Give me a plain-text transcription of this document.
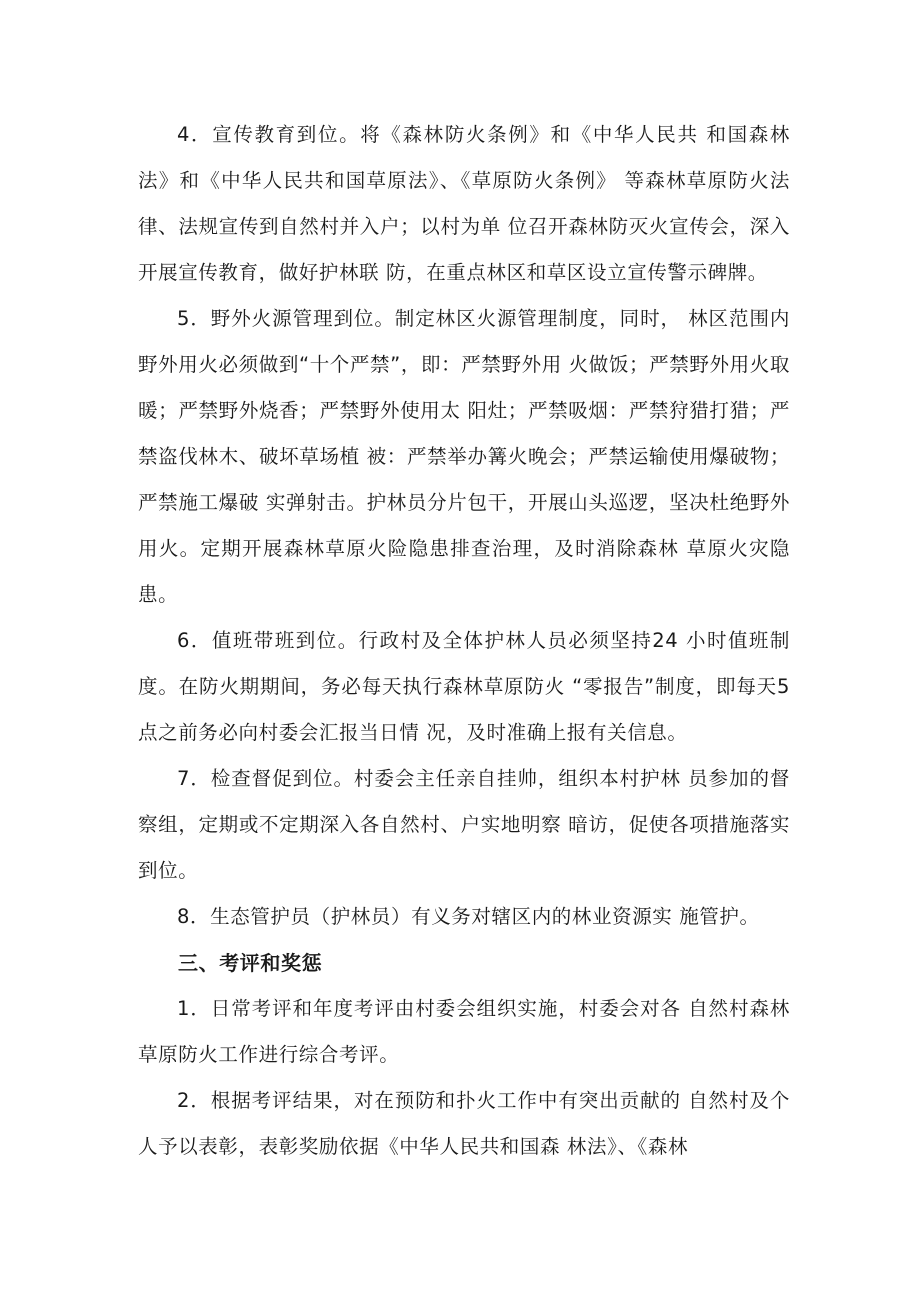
4．宣传教育到位。将《森林防火条例》和《中华人民共 和国森林法》和《中华人民共和国草原法》、《草原防火条例》 等森林草原防火法律、法规宣传到自然村并入户；以村为单 位召开森林防灭火宣传会，深入开展宣传教育，做好护林联 防，在重点林区和草区设立宣传警示碑牌。

5．野外火源管理到位。制定林区火源管理制度，同时， 林区范围内野外用火必须做到“十个严禁”，即：严禁野外用 火做饭；严禁野外用火取暖；严禁野外烧香；严禁野外使用太 阳灶；严禁吸烟：严禁狩猎打猎；严禁盗伐林木、破坏草场植 被：严禁举办篝火晚会；严禁运输使用爆破物；严禁施工爆破 实弹射击。护林员分片包干，开展山头巡逻，坚决杜绝野外 用火。定期开展森林草原火险隐患排查治理，及时消除森林 草原火灾隐患。

6．值班带班到位。行政村及全体护林人员必须坚持24 小时值班制度。在防火期期间，务必每天执行森林草原防火 “零报告”制度，即每天5点之前务必向村委会汇报当日情 况，及时准确上报有关信息。

7．检查督促到位。村委会主任亲自挂帅，组织本村护林 员参加的督察组，定期或不定期深入各自然村、户实地明察 暗访，促使各项措施落实到位。

8．生态管护员（护林员）有义务对辖区内的林业资源实 施管护。

三、考评和奖惩

1．日常考评和年度考评由村委会组织实施，村委会对各 自然村森林草原防火工作进行综合考评。

2．根据考评结果，对在预防和扑火工作中有突出贡献的 自然村及个人予以表彰，表彰奖励依据《中华人民共和国森 林法》、《森林
